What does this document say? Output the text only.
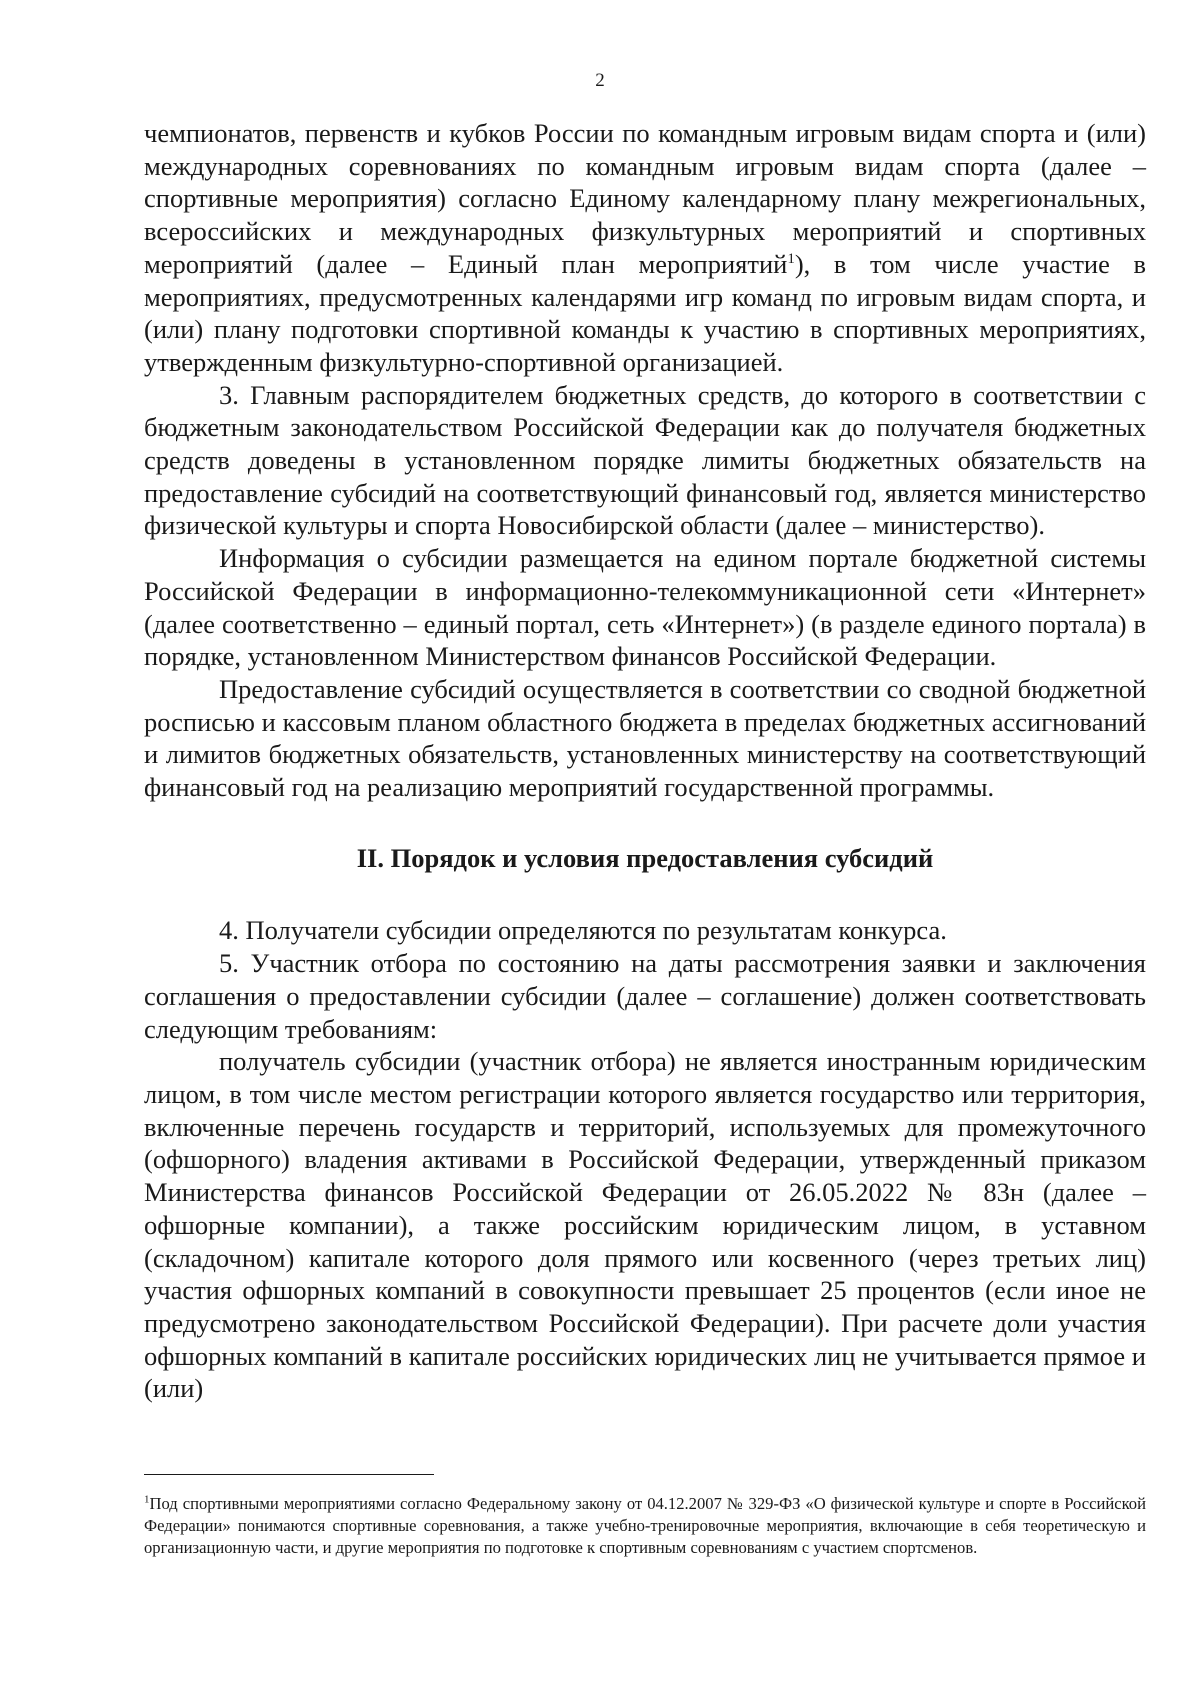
2

чемпионатов, первенств и кубков России по командным игровым видам спорта и (или) международных соревнованиях по командным игровым видам спорта (далее – спортивные мероприятия) согласно Единому календарному плану межрегиональных, всероссийских и международных физкультурных мероприятий и спортивных мероприятий (далее – Единый план мероприятий$^1$), в том числе участие в мероприятиях, предусмотренных календарями игр команд по игровым видам спорта, и (или) плану подготовки спортивной команды к участию в спортивных мероприятиях, утвержденным физкультурно-спортивной организацией.

3. Главным распорядителем бюджетных средств, до которого в соответствии с бюджетным законодательством Российской Федерации как до получателя бюджетных средств доведены в установленном порядке лимиты бюджетных обязательств на предоставление субсидий на соответствующий финансовый год, является министерство физической культуры и спорта Новосибирской области (далее – министерство).

Информация о субсидии размещается на едином портале бюджетной системы Российской Федерации в информационно-телекоммуникационной сети «Интернет» (далее соответственно – единый портал, сеть «Интернет») (в разделе единого портала) в порядке, установленном Министерством финансов Российской Федерации.

Предоставление субсидий осуществляется в соответствии со сводной бюджетной росписью и кассовым планом областного бюджета в пределах бюджетных ассигнований и лимитов бюджетных обязательств, установленных министерству на соответствующий финансовый год на реализацию мероприятий государственной программы.

II. Порядок и условия предоставления субсидий

4. Получатели субсидии определяются по результатам конкурса.

5. Участник отбора по состоянию на даты рассмотрения заявки и заключения соглашения о предоставлении субсидии (далее – соглашение) должен соответствовать следующим требованиям:

получатель субсидии (участник отбора) не является иностранным юридическим лицом, в том числе местом регистрации которого является государство или территория, включенные перечень государств и территорий, используемых для промежуточного (офшорного) владения активами в Российской Федерации, утвержденный приказом Министерства финансов Российской Федерации от 26.05.2022 № 83н (далее – офшорные компании), а также российским юридическим лицом, в уставном (складочном) капитале которого доля прямого или косвенного (через третьих лиц) участия офшорных компаний в совокупности превышает 25 процентов (если иное не предусмотрено законодательством Российской Федерации). При расчете доли участия офшорных компаний в капитале российских юридических лиц не учитывается прямое и (или)

$^1$Под спортивными мероприятиями согласно Федеральному закону от 04.12.2007 № 329-ФЗ «О физической культуре и спорте в Российской Федерации» понимаются спортивные соревнования, а также учебно-тренировочные мероприятия, включающие в себя теоретическую и организационную части, и другие мероприятия по подготовке к спортивным соревнованиям с участием спортсменов.
